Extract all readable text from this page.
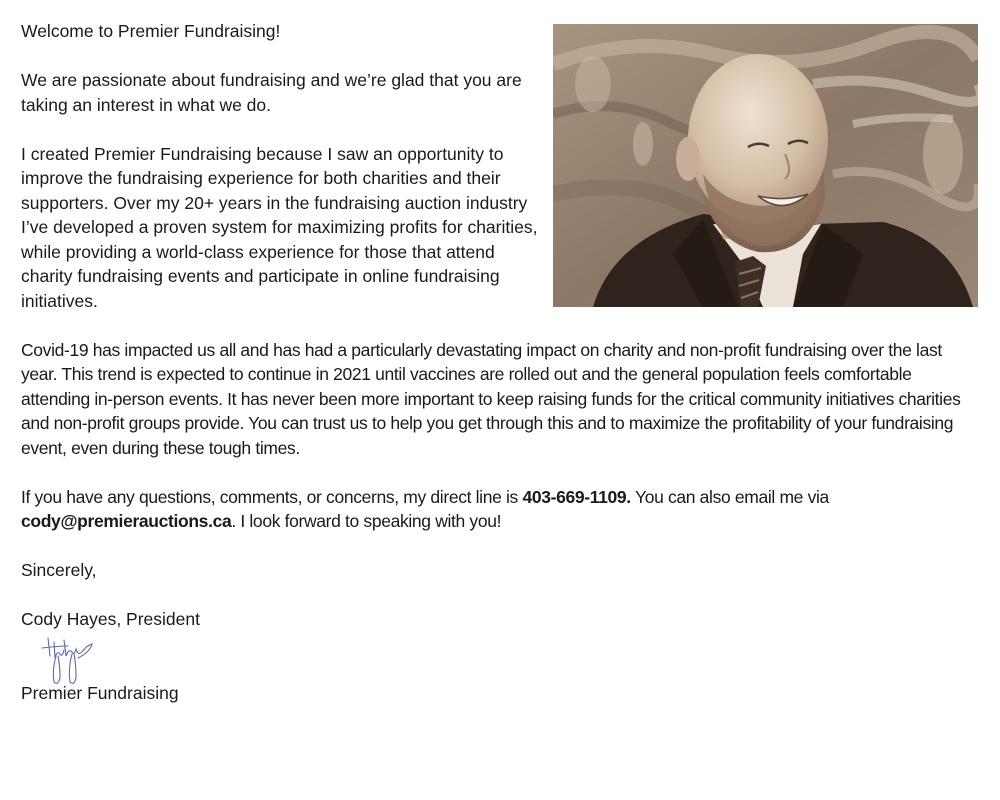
Welcome to Premier Fundraising!

We are passionate about fundraising and we’re glad that you are taking an interest in what we do.

I created Premier Fundraising because I saw an opportunity to improve the fundraising experience for both charities and their supporters. Over my 20+ years in the fundraising auction industry I’ve developed a proven system for maximizing profits for charities, while providing a world-class experience for those that attend charity fundraising events and participate in online fundraising initiatives.

Covid-19 has impacted us all and has had a particularly devastating impact on charity and non-profit fundraising over the last year. This trend is expected to continue in 2021 until vaccines are rolled out and the general population feels comfortable attending in-person events. It has never been more important to keep raising funds for the critical community initiatives charities and non-profit groups provide. You can trust us to help you get through this and to maximize the profitability of your fundraising event, even during these tough times.

If you have any questions, comments, or concerns, my direct line is 403-669-1109. You can also email me via cody@premierauctions.ca. I look forward to speaking with you!

Sincerely,

Cody Hayes, President

Premier Fundraising
